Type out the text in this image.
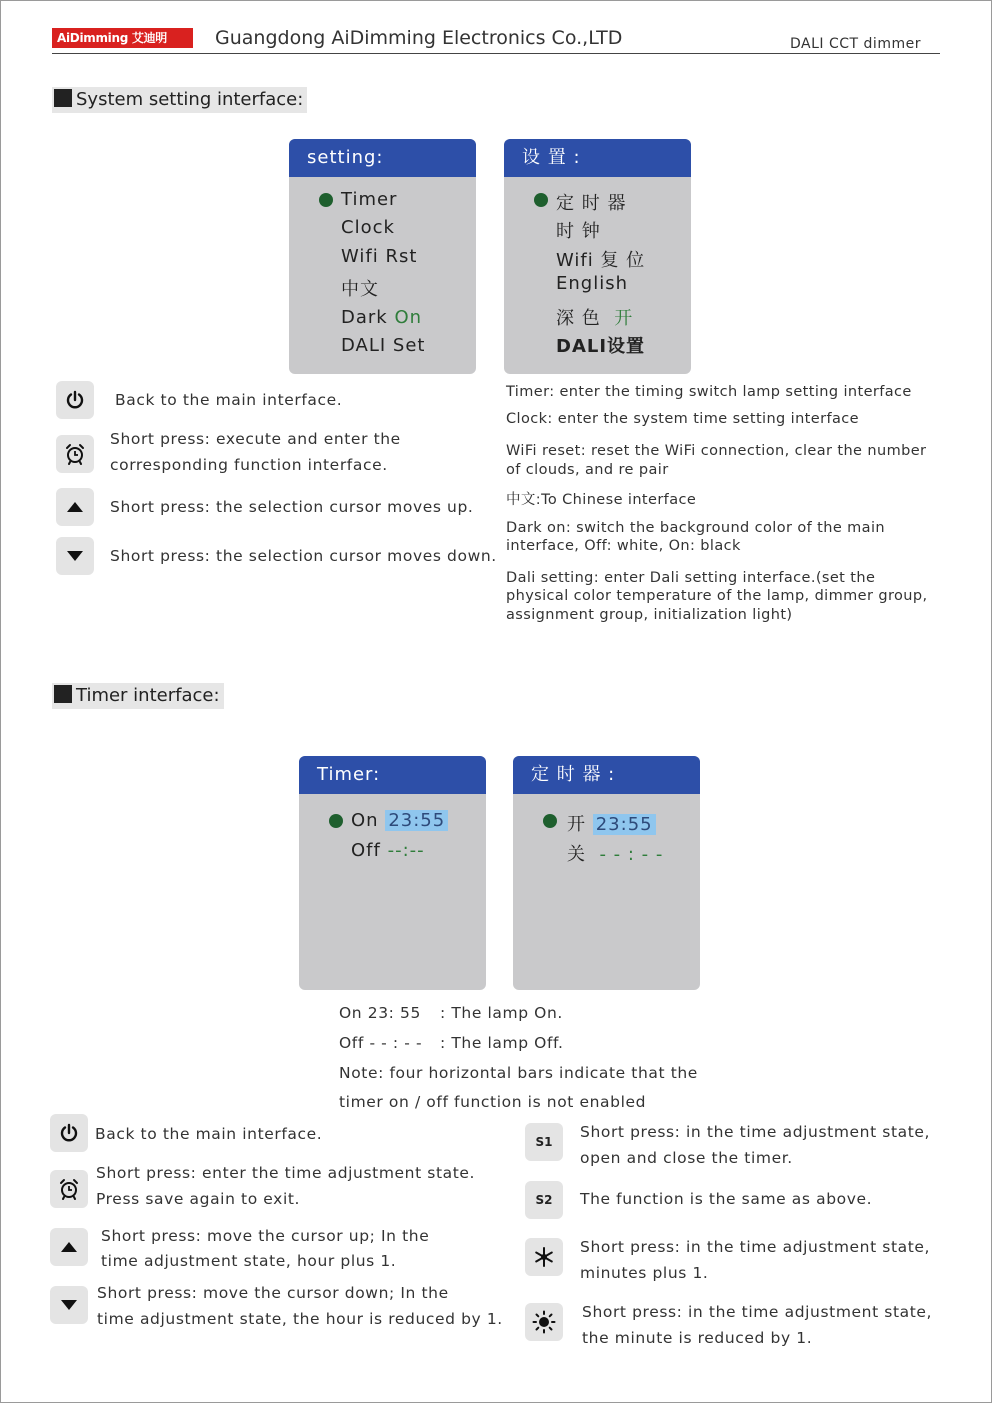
AiDimming 艾迪明	Guangdong AiDimming Electronics Co.,LTD	DALI CCT dimmer
System setting interface:
setting:
Timer
Clock
Wifi Rst
中文
Dark On
DALI Set
设 置 :
定 时 器
时 钟
Wifi 复 位
English
深 色 开
DALI设置
Back to the main interface.
Short press: execute and enter the
corresponding function interface.
Short press: the selection cursor moves up.
Short press: the selection cursor moves down.
Timer: enter the timing switch lamp setting interface
Clock: enter the system time setting interface
WiFi reset: reset the WiFi connection, clear the number
of clouds, and re pair
中文:To Chinese interface
Dark on: switch the background color of the main
interface, Off: white, On: black
Dali setting: enter Dali setting interface.(set the
physical color temperature of the lamp, dimmer group,
assignment group, initialization light)
Timer interface:
Timer:
On 23:55
Off --:--
定 时 器 :
开 23:55
关 - - : - -
On 23: 55 : The lamp On.
Off - - : - - : The lamp Off.
Note: four horizontal bars indicate that the
timer on / off function is not enabled
Back to the main interface.
Short press: enter the time adjustment state.
Press save again to exit.
Short press: move the cursor up; In the
time adjustment state, hour plus 1.
Short press: move the cursor down; In the
time adjustment state, the hour is reduced by 1.
S1
Short press: in the time adjustment state,
open and close the timer.
S2 The function is the same as above.
Short press: in the time adjustment state,
minutes plus 1.
Short press: in the time adjustment state,
the minute is reduced by 1.
